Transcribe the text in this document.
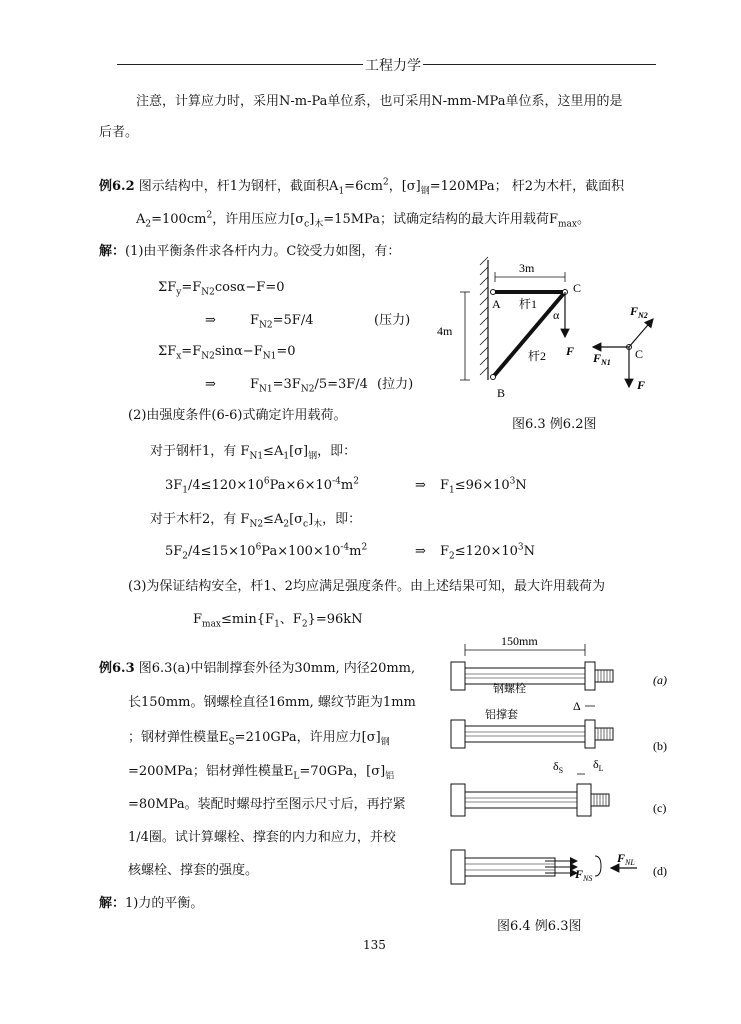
工程力学
注意，计算应力时，采用N-m-Pa单位系，也可采用N-mm-MPa单位系，这里用的是
后者。
例6.2 图示结构中，杆1为钢杆，截面积$A_1=6cm^2$，$[\sigma]_钢=120MPa$； 杆2为木杆，截面积
$A_2=100cm^2$，许用压应力$[\sigma_c]_木=15MPa$；试确定结构的最大许用载荷$F_{max}$。
解：(1)由平衡条件求各杆内力。C铰受力如图，有：
$\Sigma F_y=F_{N2}\cos\alpha-F=0$
⇒	$F_{N2}=5F/4$	(压力)
$\Sigma F_x=F_{N2}\sin\alpha-F_{N1}=0$
⇒	$F_{N1}=3F_{N2}/5=3F/4$ (拉力)
(2)由强度条件(6-6)式确定许用载荷。
对于钢杆1，有 $F_{N1}\le A_1[\sigma]_钢$，即：
$3F_1/4\le 120\times 10^6Pa\times 6\times 10^{-4}m^2$	⇒ $F_1\le 96\times 10^3N$
对于木杆2，有 $F_{N2}\le A_2[\sigma_c]_木$，即：
$5F_2/4\le 15\times 10^6Pa\times 100\times 10^{-4}m^2$	⇒ $F_2\le 120\times 10^3N$
(3)为保证结构安全，杆1、2均应满足强度条件。由上述结果可知，最大许用载荷为
$F_{max}\le\min\{F_1$、$F_2\}=96kN$
3m
4m
A
B
C
杆1
杆2
α
F
$F_{N2}$
$F_{N1}$
C
F
图6.3 例6.2图
例6.3 图6.3(a)中铝制撑套外径为30mm, 内径20mm,
长150mm。钢螺栓直径16mm, 螺纹节距为1mm
；钢材弹性模量$E_S=210GPa$，许用应力$[\sigma]_钢$
=200MPa；铝材弹性模量$E_L=70GPa$，$[\sigma]_铝$
=80MPa。装配时螺母拧至图示尺寸后，再拧紧
1/4圈。试计算螺栓、撑套的内力和应力，并校
核螺栓、撑套的强度。
解：1)力的平衡。
150mm
钢螺栓
铝撑套
(a)
Δ
(b)
$\delta_S$ $\delta_L$
(c)
$F_{NL}$
$F_{NS}$
(d)
图6.4 例6.3图
135
